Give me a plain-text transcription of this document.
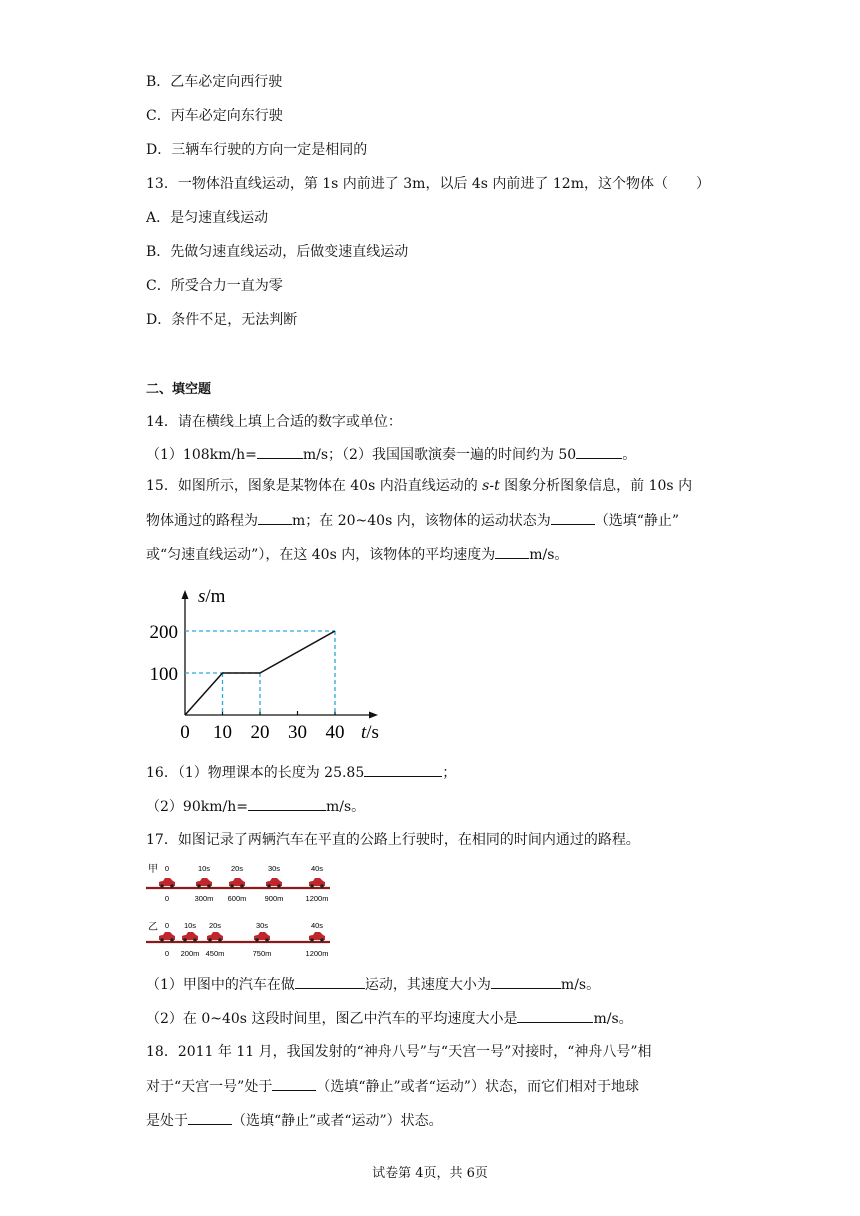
B．乙车必定向西行驶
C．丙车必定向东行驶
D．三辆车行驶的方向一定是相同的
13．一物体沿直线运动，第 1s 内前进了 3m，以后 4s 内前进了 12m，这个物体（　　）
A．是匀速直线运动
B．先做匀速直线运动，后做变速直线运动
C．所受合力一直为零
D．条件不足，无法判断
二、填空题
14．请在横线上填上合适的数字或单位：
（1）108km/h=	m/s；（2）我国国歌演奏一遍的时间约为 50	。
15．如图所示，图象是某物体在 40s 内沿直线运动的 s-t 图象分析图象信息，前 10s 内
物体通过的路程为 m；在 20~40s 内，该物体的运动状态为	（选填“静止”
或“匀速直线运动”），在这 40s 内，该物体的平均速度为 m/s。
s/m
t/s
0 10 20 30 40
100
200
16．（1）物理课本的长度为 25.85	；
（2）90km/h=	m/s。
17．如图记录了两辆汽车在平直的公路上行驶时，在相同的时间内通过的路程。
甲
乙
0	10s	20s	30s	40s
0	300m 600m 900m	1200m
0 10s 20s	30s	40s
0 200m 450m	750m	1200m
（1）甲图中的汽车在做	运动，其速度大小为	m/s。
（2）在 0~40s 这段时间里，图乙中汽车的平均速度大小是	m/s。
18．2011 年 11 月，我国发射的“神舟八号”与“天宫一号”对接时，“神舟八号”相
对于“天宫一号”处于	（选填“静止”或者“运动”）状态，而它们相对于地球
是处于	（选填“静止”或者“运动”）状态。
试卷第 4页，共 6页
